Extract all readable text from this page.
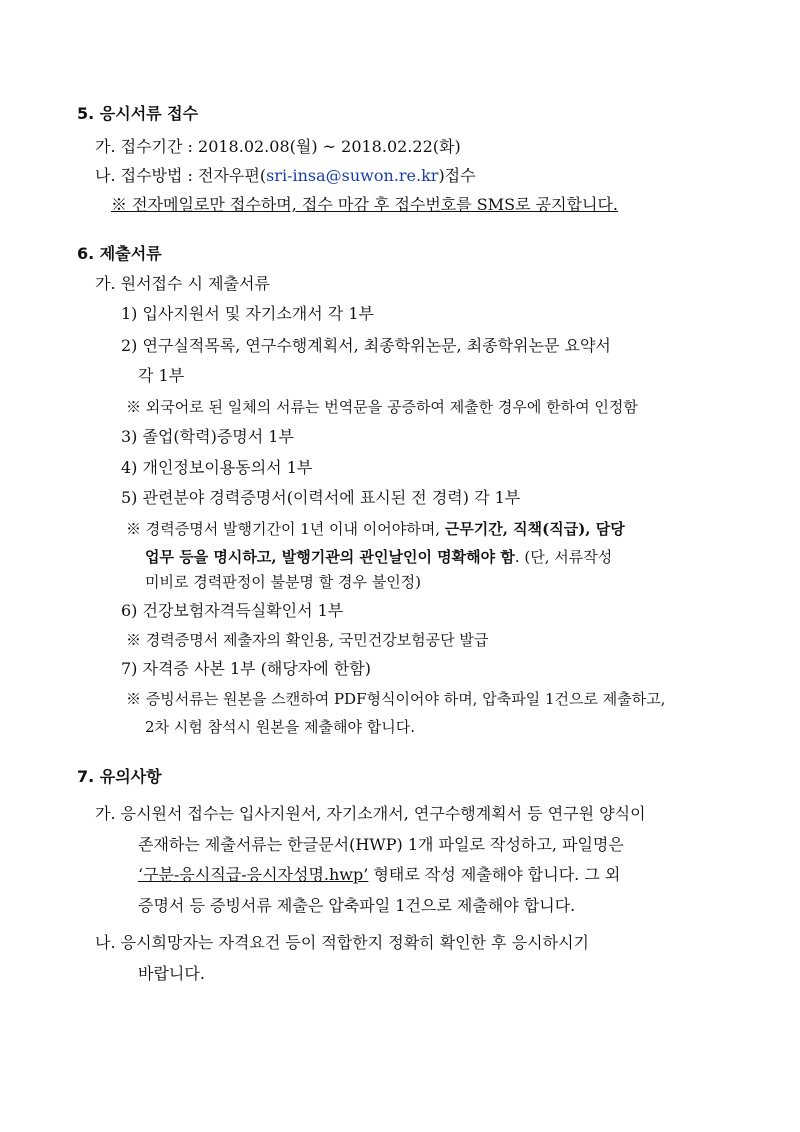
5. 응시서류 접수
가. 접수기간 : 2018.02.08(월) ~ 2018.02.22(화)
나. 접수방법 : 전자우편(sri-insa@suwon.re.kr)접수
※ 전자메일로만 접수하며, 접수 마감 후 접수번호를 SMS로 공지합니다.
6. 제출서류
가. 원서접수 시 제출서류
1) 입사지원서 및 자기소개서 각 1부
2) 연구실적목록, 연구수행계획서, 최종학위논문, 최종학위논문 요약서
각 1부
※ 외국어로 된 일체의 서류는 번역문을 공증하여 제출한 경우에 한하여 인정함
3) 졸업(학력)증명서 1부
4) 개인정보이용동의서 1부
5) 관련분야 경력증명서(이력서에 표시된 전 경력) 각 1부
※ 경력증명서 발행기간이 1년 이내 이어야하며, 근무기간, 직책(직급), 담당
업무 등을 명시하고, 발행기관의 관인날인이 명확해야 함. (단, 서류작성
미비로 경력판정이 불분명 할 경우 불인정)
6) 건강보험자격득실확인서 1부
※ 경력증명서 제출자의 확인용, 국민건강보험공단 발급
7) 자격증 사본 1부 (해당자에 한함)
※ 증빙서류는 원본을 스캔하여 PDF형식이어야 하며, 압축파일 1건으로 제출하고,
2차 시험 참석시 원본을 제출해야 합니다.
7. 유의사항
가. 응시원서 접수는 입사지원서, 자기소개서, 연구수행계획서 등 연구원 양식이
존재하는 제출서류는 한글문서(HWP) 1개 파일로 작성하고, 파일명은
‘구분-응시직급-응시자성명.hwp’ 형태로 작성 제출해야 합니다. 그 외
증명서 등 증빙서류 제출은 압축파일 1건으로 제출해야 합니다.
나. 응시희망자는 자격요건 등이 적합한지 정확히 확인한 후 응시하시기
바랍니다.
